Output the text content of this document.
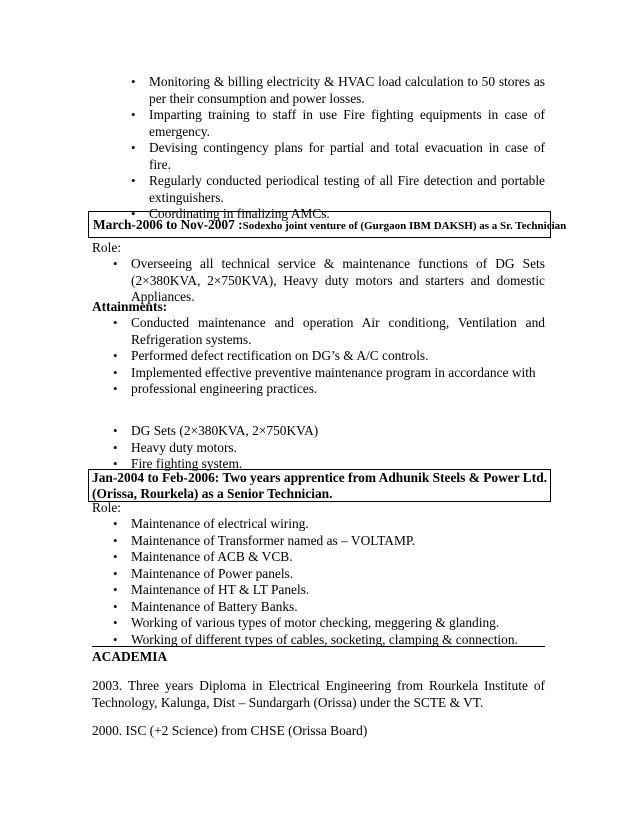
• Monitoring & billing electricity & HVAC load calculation to 50 stores as per their consumption and power losses.
• Imparting training to staff in use Fire fighting equipments in case of emergency.
• Devising contingency plans for partial and total evacuation in case of fire.
• Regularly conducted periodical testing of all Fire detection and portable extinguishers.
• Coordinating in finalizing AMCs.
March-2006 to Nov-2007 :Sodexho joint venture of (Gurgaon IBM DAKSH) as a Sr. Technician
Role:
• Overseeing all technical service & maintenance functions of DG Sets (2×380KVA, 2×750KVA), Heavy duty motors and starters and domestic Appliances.
Attainments:
• Conducted maintenance and operation Air conditiong, Ventilation and Refrigeration systems.
• Performed defect rectification on DG’s & A/C controls.
• Implemented effective preventive maintenance program in accordance with
• professional engineering practices.
• DG Sets (2×380KVA, 2×750KVA)
• Heavy duty motors.
• Fire fighting system.
Jan-2004 to Feb-2006: Two years apprentice from Adhunik Steels & Power Ltd. (Orissa, Rourkela) as a Senior Technician.
Role:
• Maintenance of electrical wiring.
• Maintenance of Transformer named as – VOLTAMP.
• Maintenance of ACB & VCB.
• Maintenance of Power panels.
• Maintenance of HT & LT Panels.
• Maintenance of Battery Banks.
• Working of various types of motor checking, meggering & glanding.
• Working of different types of cables, socketing, clamping & connection.
ACADEMIA
2003. Three years Diploma in Electrical Engineering from Rourkela Institute of Technology, Kalunga, Dist – Sundargarh (Orissa) under the SCTE & VT.
2000. ISC (+2 Science) from CHSE (Orissa Board)
